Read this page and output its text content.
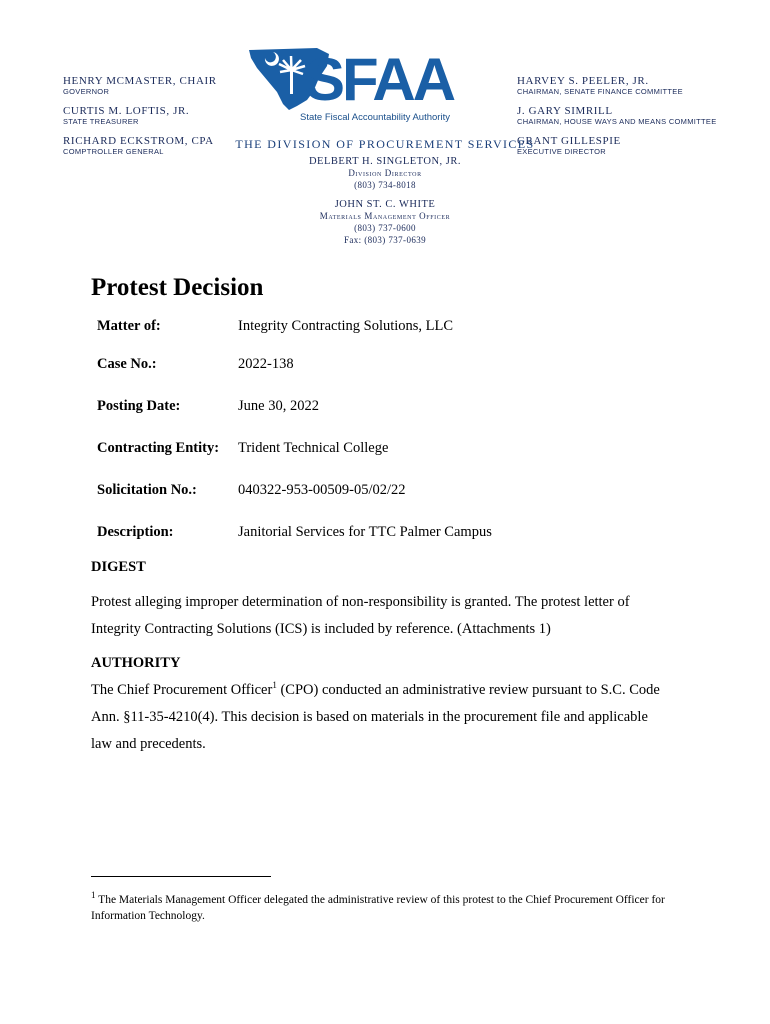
HENRY MCMASTER, CHAIR
GOVERNOR
CURTIS M. LOFTIS, JR.
STATE TREASURER
RICHARD ECKSTROM, CPA
COMPTROLLER GENERAL
SFAA
State Fiscal Accountability Authority
HARVEY S. PEELER, JR.
CHAIRMAN, SENATE FINANCE COMMITTEE
J. GARY SIMRILL
CHAIRMAN, HOUSE WAYS AND MEANS COMMITTEE
GRANT GILLESPIE
EXECUTIVE DIRECTOR
THE DIVISION OF PROCUREMENT SERVICES
DELBERT H. SINGLETON, JR.
Division Director
(803) 734-8018
JOHN ST. C. WHITE
Materials Management Officer
(803) 737-0600
Fax: (803) 737-0639
Protest Decision
Matter of:	Integrity Contracting Solutions, LLC
Case No.:	2022-138
Posting Date:	June 30, 2022
Contracting Entity: Trident Technical College
Solicitation No.:	040322-953-00509-05/02/22
Description:	Janitorial Services for TTC Palmer Campus
DIGEST
Protest alleging improper determination of non-responsibility is granted. The protest letter of Integrity Contracting Solutions (ICS) is included by reference. (Attachments 1)
AUTHORITY
The Chief Procurement Officer$^1$ (CPO) conducted an administrative review pursuant to S.C. Code Ann. §11-35-4210(4). This decision is based on materials in the procurement file and applicable law and precedents.
$^1$ The Materials Management Officer delegated the administrative review of this protest to the Chief Procurement Officer for Information Technology.
